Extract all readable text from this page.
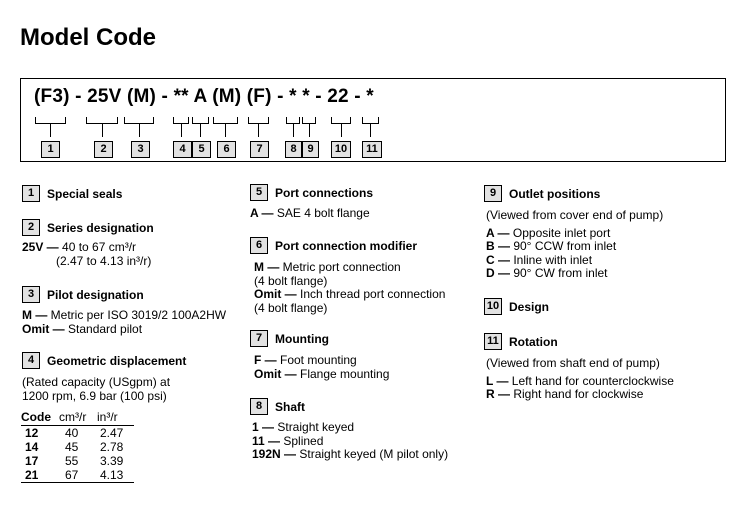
Model Code
(F3) - 25V (M) - ** A (M) (F) - * * - 22 - *
1	2	3	4	5	6	7	8 9	10	11
1	Special seals
2	Series designation
25V — 40 to 67 cm³/r
(2.47 to 4.13 in³/r)
3	Pilot designation
M — Metric per ISO 3019/2 100A2HW
Omit — Standard pilot
4	Geometric displacement
(Rated capacity (USgpm) at
1200 rpm, 6.9 bar (100 psi)
Code	cm³/r	in³/r
12	40	2.47
14	45	2.78
17	55	3.39
21	67	4.13
5	Port connections
A — SAE 4 bolt flange
6	Port connection modifier
M — Metric port connection
(4 bolt flange)
Omit — Inch thread port connection
(4 bolt flange)
7	Mounting
F — Foot mounting
Omit — Flange mounting
8	Shaft
1 — Straight keyed
11 — Splined
192N — Straight keyed (M pilot only)
9	Outlet positions
(Viewed from cover end of pump)
A — Opposite inlet port
B — 90° CCW from inlet
C — Inline with inlet
D — 90° CW from inlet
10 Design
11 Rotation
(Viewed from shaft end of pump)
L — Left hand for counterclockwise
R — Right hand for clockwise
